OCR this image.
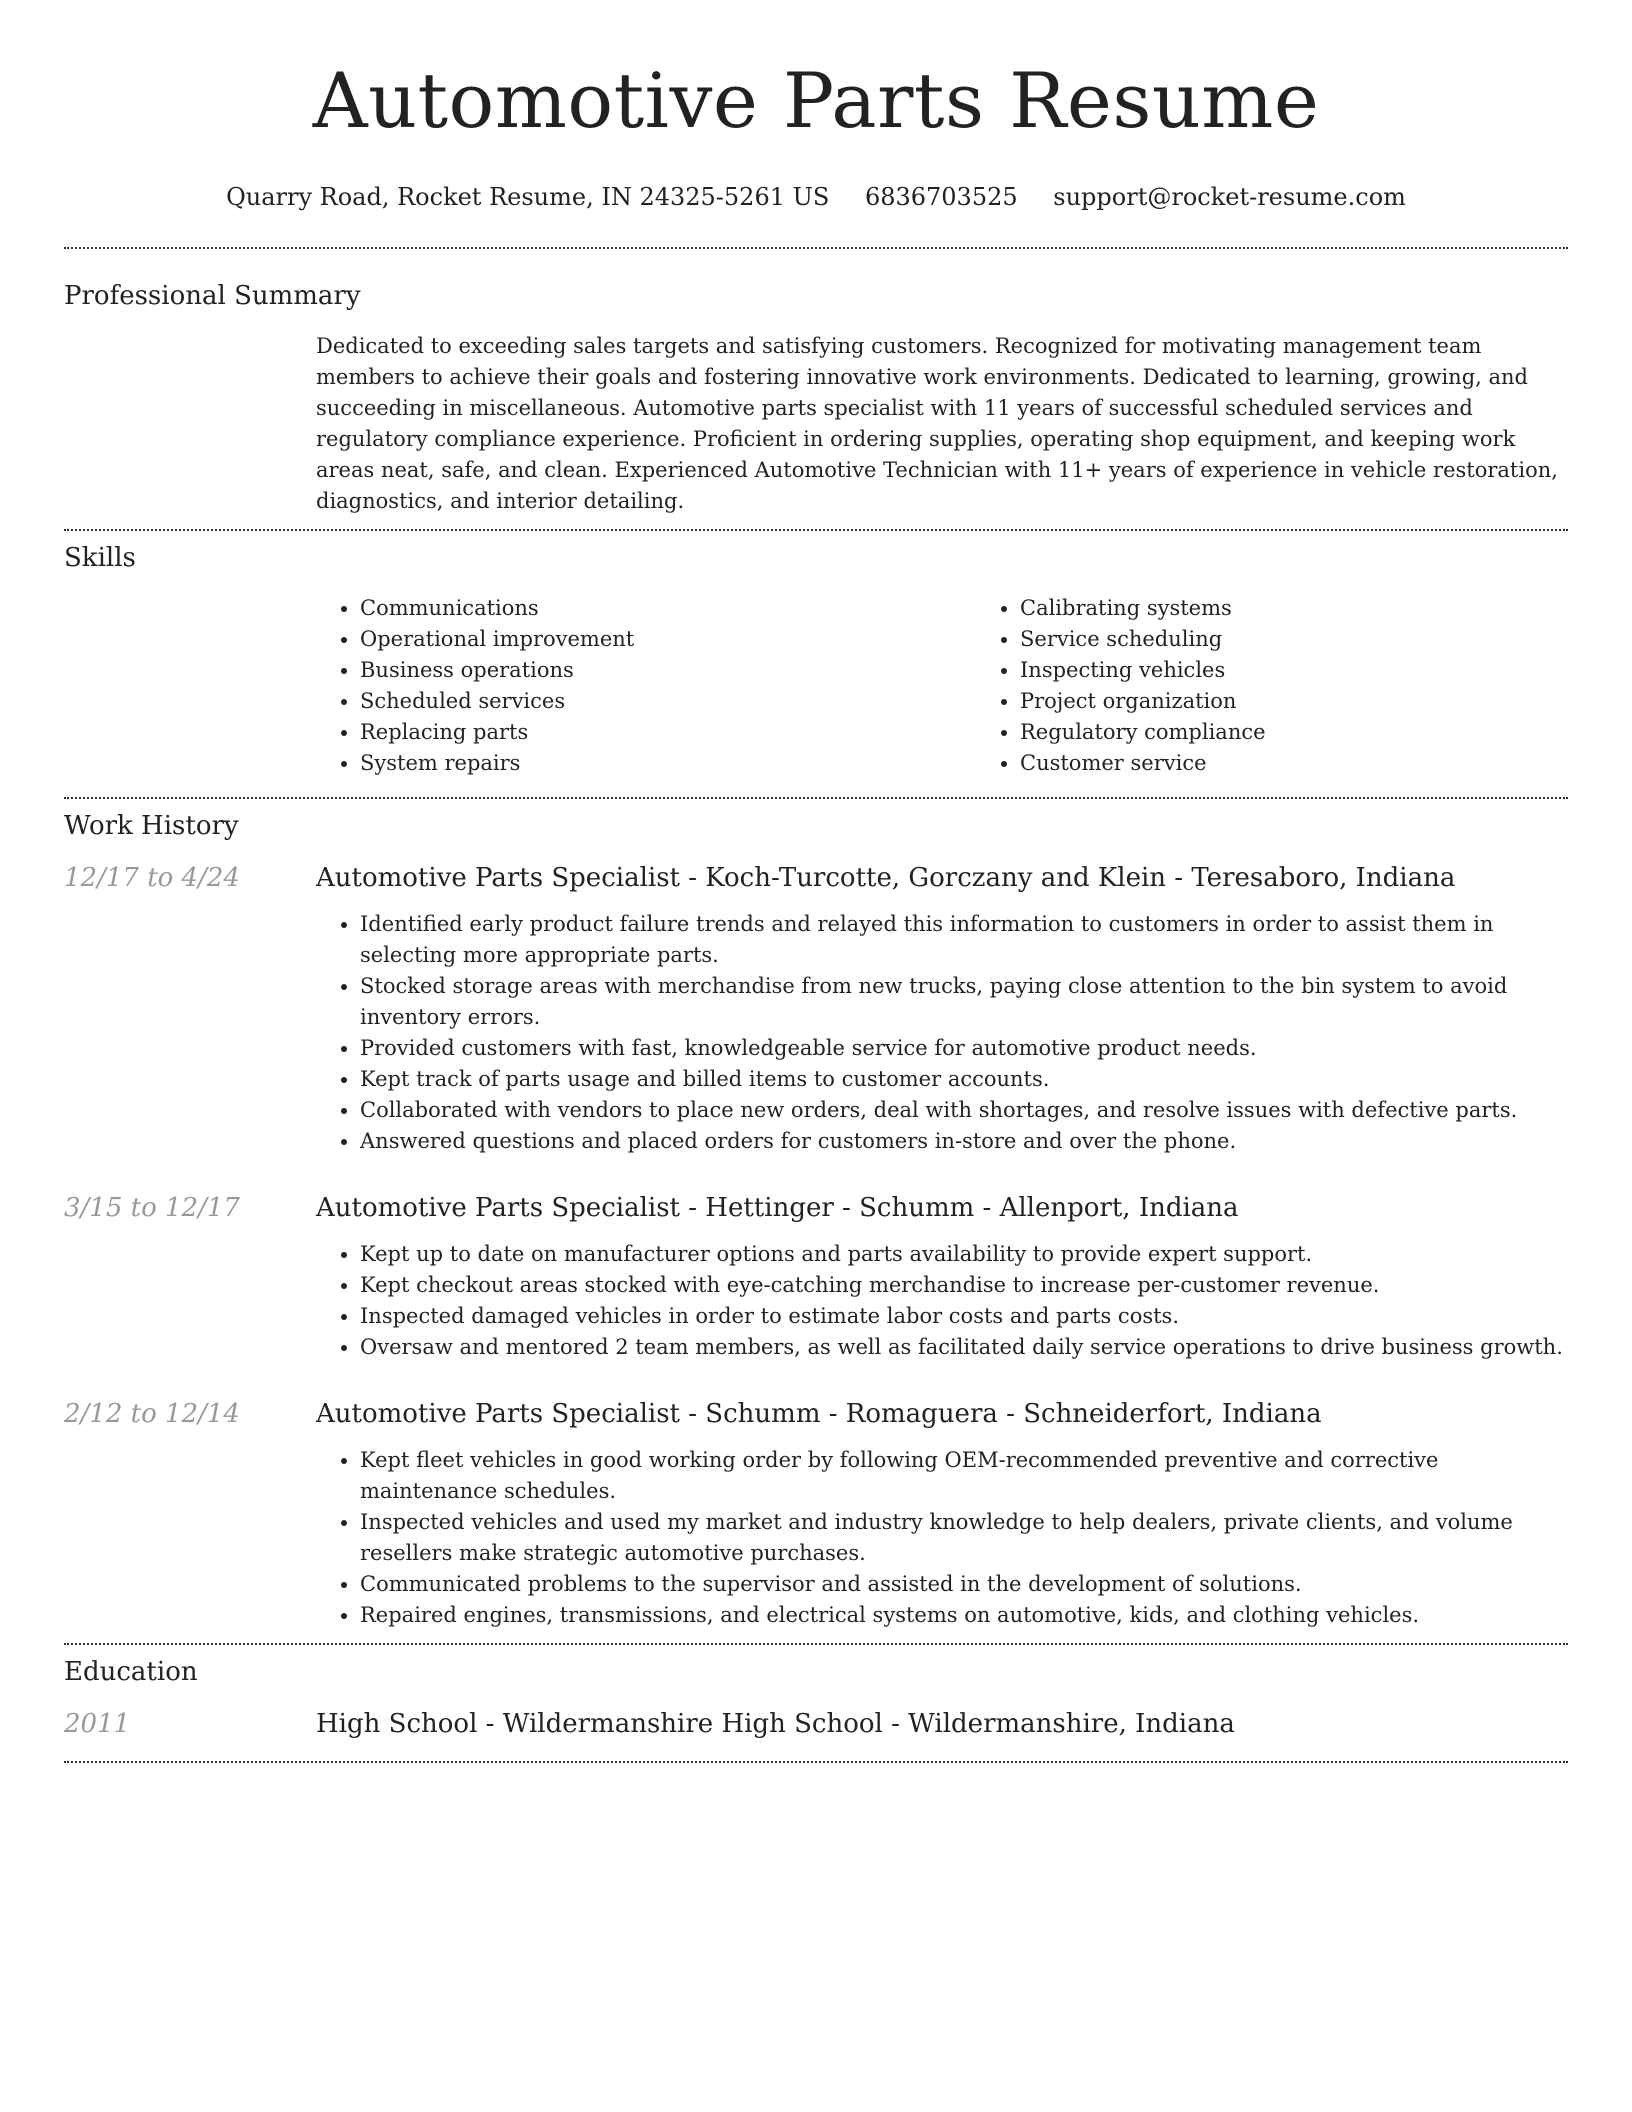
Automotive Parts Resume
Quarry Road, Rocket Resume, IN 24325-5261 US 6836703525 support@rocket-resume.com
Professional Summary

Dedicated to exceeding sales targets and satisfying customers. Recognized for motivating management team members to achieve their goals and fostering innovative work environments. Dedicated to learning, growing, and succeeding in miscellaneous. Automotive parts specialist with 11 years of successful scheduled services and regulatory compliance experience. Proficient in ordering supplies, operating shop equipment, and keeping work areas neat, safe, and clean. Experienced Automotive Technician with 11+ years of experience in vehicle restoration, diagnostics, and interior detailing.

Skills
• Communications
• Operational improvement
• Business operations
• Scheduled services
• Replacing parts
• System repairs
• Calibrating systems
• Service scheduling
• Inspecting vehicles
• Project organization
• Regulatory compliance
• Customer service
Work History
12/17 to 4/24	Automotive Parts Specialist - Koch-Turcotte, Gorczany and Klein - Teresaboro, Indiana
• Identified early product failure trends and relayed this information to customers in order to assist them in selecting more appropriate parts.
• Stocked storage areas with merchandise from new trucks, paying close attention to the bin system to avoid inventory errors.
• Provided customers with fast, knowledgeable service for automotive product needs.
• Kept track of parts usage and billed items to customer accounts.
• Collaborated with vendors to place new orders, deal with shortages, and resolve issues with defective parts.
• Answered questions and placed orders for customers in-store and over the phone.
3/15 to 12/17	Automotive Parts Specialist - Hettinger - Schumm - Allenport, Indiana
• Kept up to date on manufacturer options and parts availability to provide expert support.
• Kept checkout areas stocked with eye-catching merchandise to increase per-customer revenue.
• Inspected damaged vehicles in order to estimate labor costs and parts costs.
• Oversaw and mentored 2 team members, as well as facilitated daily service operations to drive business growth.
2/12 to 12/14	Automotive Parts Specialist - Schumm - Romaguera - Schneiderfort, Indiana
• Kept fleet vehicles in good working order by following OEM-recommended preventive and corrective maintenance schedules.
• Inspected vehicles and used my market and industry knowledge to help dealers, private clients, and volume resellers make strategic automotive purchases.
• Communicated problems to the supervisor and assisted in the development of solutions.
• Repaired engines, transmissions, and electrical systems on automotive, kids, and clothing vehicles.
Education
2011	High School - Wildermanshire High School - Wildermanshire, Indiana
